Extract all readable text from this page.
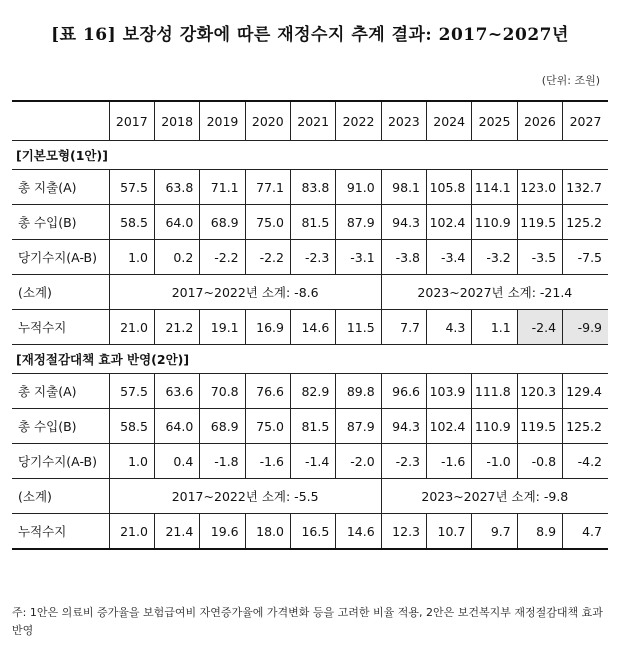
[표 16] 보장성 강화에 따른 재정수지 추계 결과: 2017~2027년
(단위: 조원)
	2017	2018	2019	2020	2021	2022	2023	2024	2025	2026	2027
[기본모형(1안)]											
총 지출(A)	57.5	63.8	71.1	77.1	83.8	91.0	98.1	105.8	114.1	123.0	132.7
총 수입(B)	58.5	64.0	68.9	75.0	81.5	87.9	94.3	102.4	110.9	119.5	125.2
당기수지(A-B)	1.0	0.2	-2.2	-2.2	-2.3	-3.1	-3.8	-3.4	-3.2	-3.5	-7.5
(소계)	2017~2022년 소계: -8.6						2023~2027년 소계: -21.4				
누적수지	21.0	21.2	19.1	16.9	14.6	11.5	7.7	4.3	1.1	-2.4	-9.9
[재정절감대책 효과 반영(2안)]											
총 지출(A)	57.5	63.6	70.8	76.6	82.9	89.8	96.6	103.9	111.8	120.3	129.4
총 수입(B)	58.5	64.0	68.9	75.0	81.5	87.9	94.3	102.4	110.9	119.5	125.2
당기수지(A-B)	1.0	0.4	-1.8	-1.6	-1.4	-2.0	-2.3	-1.6	-1.0	-0.8	-4.2
(소계)	2017~2022년 소계: -5.5						2023~2027년 소계: -9.8				
누적수지	21.0	21.4	19.6	18.0	16.5	14.6	12.3	10.7	9.7	8.9	4.7
주: 1안은 의료비 증가율을 보험급여비 자연증가율에 가격변화 등을 고려한 비율 적용, 2안은 보건복지부 재정절감대책 효과 반영
